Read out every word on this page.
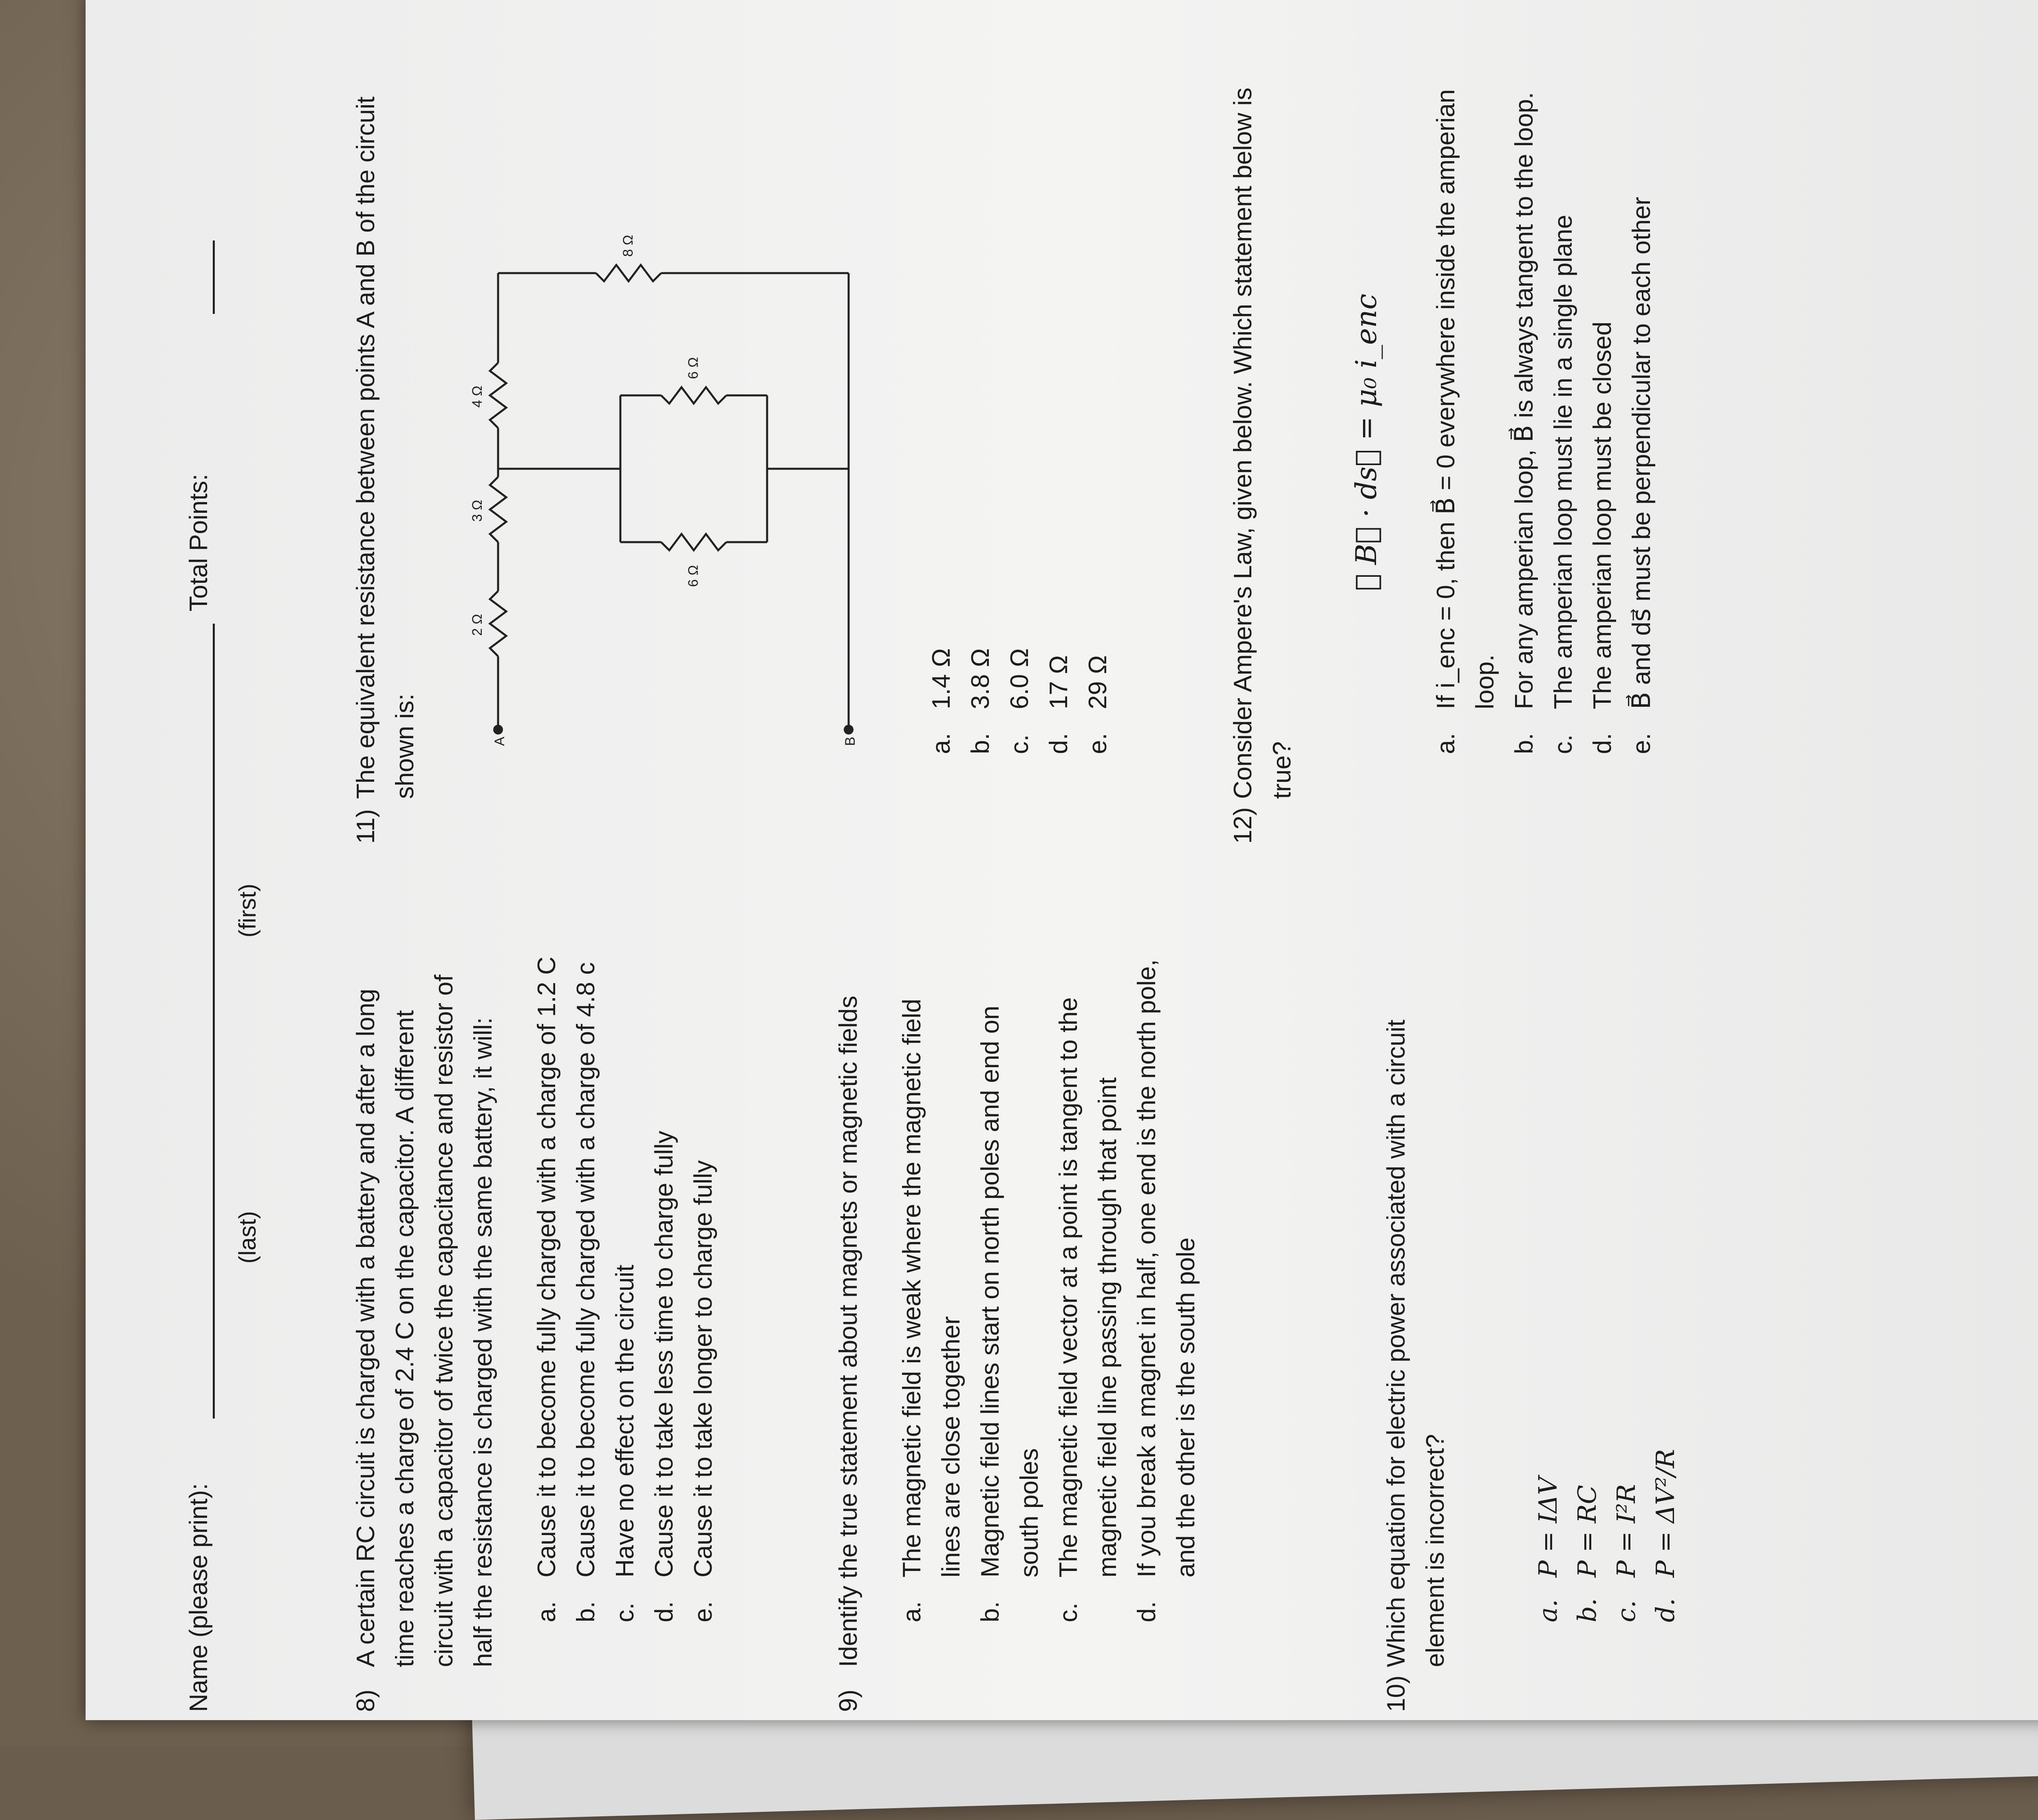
Name (please print):
(last)
(first)
Total Points:
8)
A certain RC circuit is charged with a battery and after a long time reaches a charge of 2.4 C on the capacitor. A different circuit with a capacitor of twice the capacitance and resistor of half the resistance is charged with the same battery, it will: a.
Cause it to become fully charged with a charge of 1.2 C
b.
Cause it to become fully charged with a charge of 4.8 c
c.
Have no effect on the circuit
d.
Cause it to take less time to charge fully
e.
Cause it to take longer to charge fully
9)
Identify the true statement about magnets or magnetic fields a.
The magnetic field is weak where the magnetic field lines are close together
b.
Magnetic field lines start on north poles and end on south poles
c.
The magnetic field vector at a point is tangent to the magnetic field line passing through that point
d.
If you break a magnet in half, one end is the north pole, and the other is the south pole
10)
Which equation for electric power associated with a circuit element is incorrect?	a.
P = IΔV
b.
P = RC
c.
P = I²R
d.
P = ΔV²/R
11)
The equivalent resistance between points A and B of the circuit shown is:	A	B
2 Ω
3 Ω
4 Ω
6 Ω
6 Ω
8 Ω
a.
1.4 Ω
b.
3.8 Ω
c.
6.0 Ω
d.
17 Ω
e.
29 Ω
12)
Consider Ampere's Law, given below. Which statement below is true?
∮ B⃗ · ds⃗ = μ₀ i_enc
a.
If i_enc = 0, then B⃗ = 0 everywhere inside the amperian loop.
b.
For any amperian loop, B⃗ is always tangent to the loop.
c.
The amperian loop must lie in a single plane
d.
The amperian loop must be closed
e.
B⃗ and ds⃗ must be perpendicular to each other
